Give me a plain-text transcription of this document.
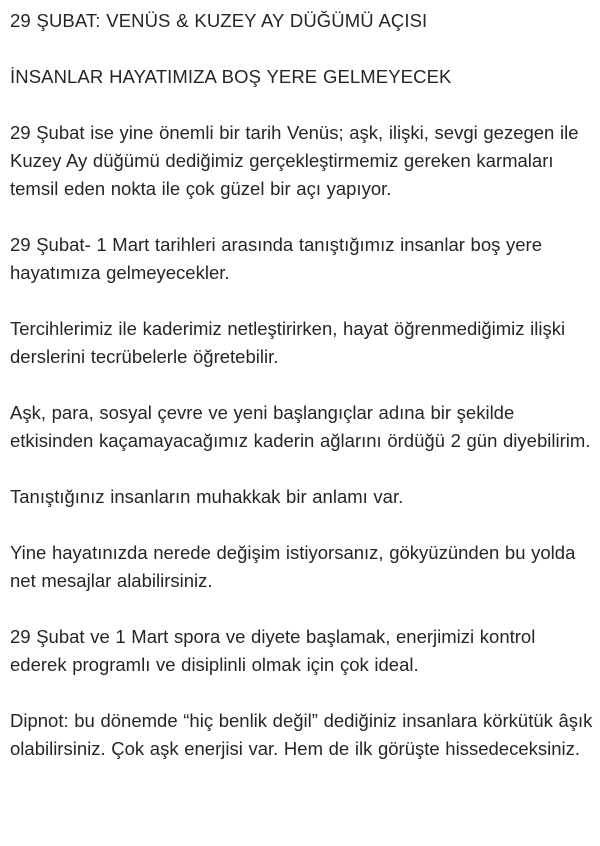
29 ŞUBAT: VENÜS & KUZEY AY DÜĞÜMÜ AÇISI

İNSANLAR HAYATIMIZA BOŞ YERE GELMEYECEK

29 Şubat ise yine önemli bir tarih Venüs; aşk, ilişki, sevgi gezegen ile Kuzey Ay düğümü dediğimiz gerçekleştirmemiz gereken karmaları temsil eden nokta ile çok güzel bir açı yapıyor.

29 Şubat- 1 Mart tarihleri arasında tanıştığımız insanlar boş yere hayatımıza gelmeyecekler.

Tercihlerimiz ile kaderimiz netleştirirken, hayat öğrenmediğimiz ilişki derslerini tecrübelerle öğretebilir.

Aşk, para, sosyal çevre ve yeni başlangıçlar adına bir şekilde etkisinden kaçamayacağımız kaderin ağlarını ördüğü 2 gün diyebilirim.

Tanıştığınız insanların muhakkak bir anlamı var.

Yine hayatınızda nerede değişim istiyorsanız, gökyüzünden bu yolda net mesajlar alabilirsiniz.

29 Şubat ve 1 Mart spora ve diyete başlamak, enerjimizi kontrol ederek programlı ve disiplinli olmak için çok ideal.

Dipnot: bu dönemde “hiç benlik değil” dediğiniz insanlara körkütük âşık olabilirsiniz. Çok aşk enerjisi var. Hem de ilk görüşte hissedeceksiniz.
